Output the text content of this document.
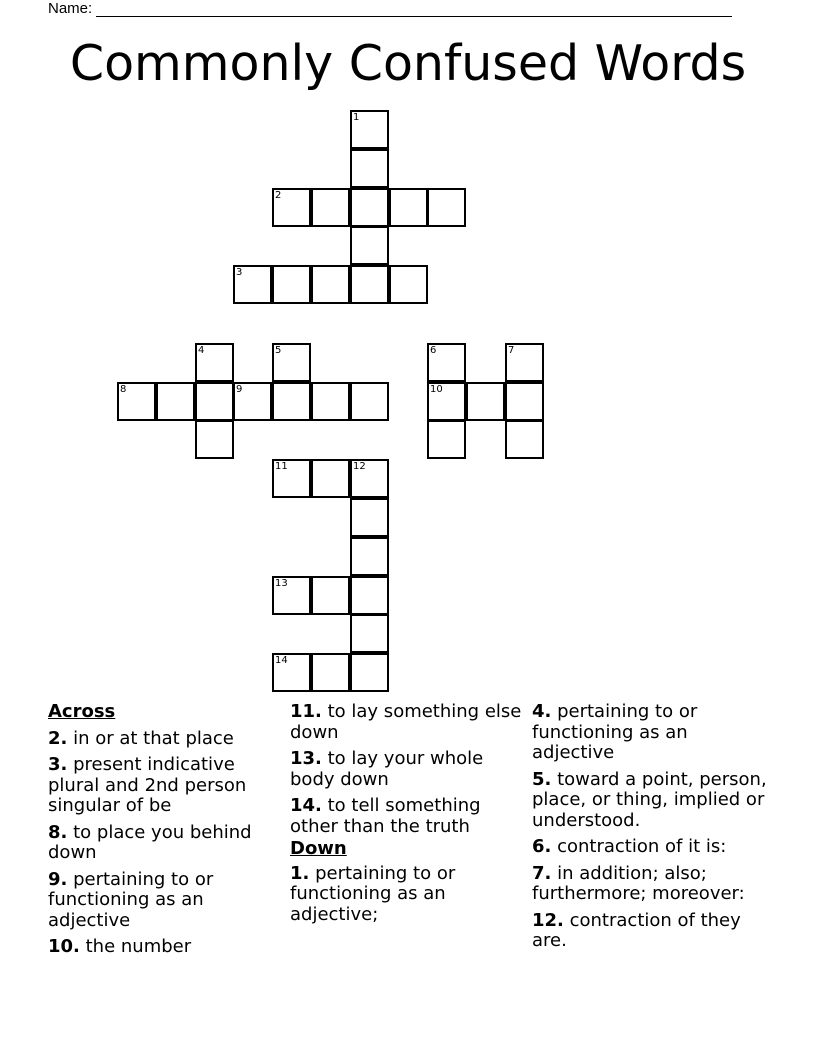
Name:
Commonly Confused Words
1
2
3
4	5	6	7
8	9	10
11	12
13
14
Across
2. in or at that place
3. present indicative plural and 2nd person singular of be
8. to place you behind down
9. pertaining to or functioning as an adjective
10. the number
11. to lay something else down
13. to lay your whole body down
14. to tell something other than the truth
Down
1. pertaining to or functioning as an adjective;
4. pertaining to or functioning as an adjective
5. toward a point, person, place, or thing, implied or understood.
6. contraction of it is:
7. in addition; also; furthermore; moreover:
12. contraction of they are.
